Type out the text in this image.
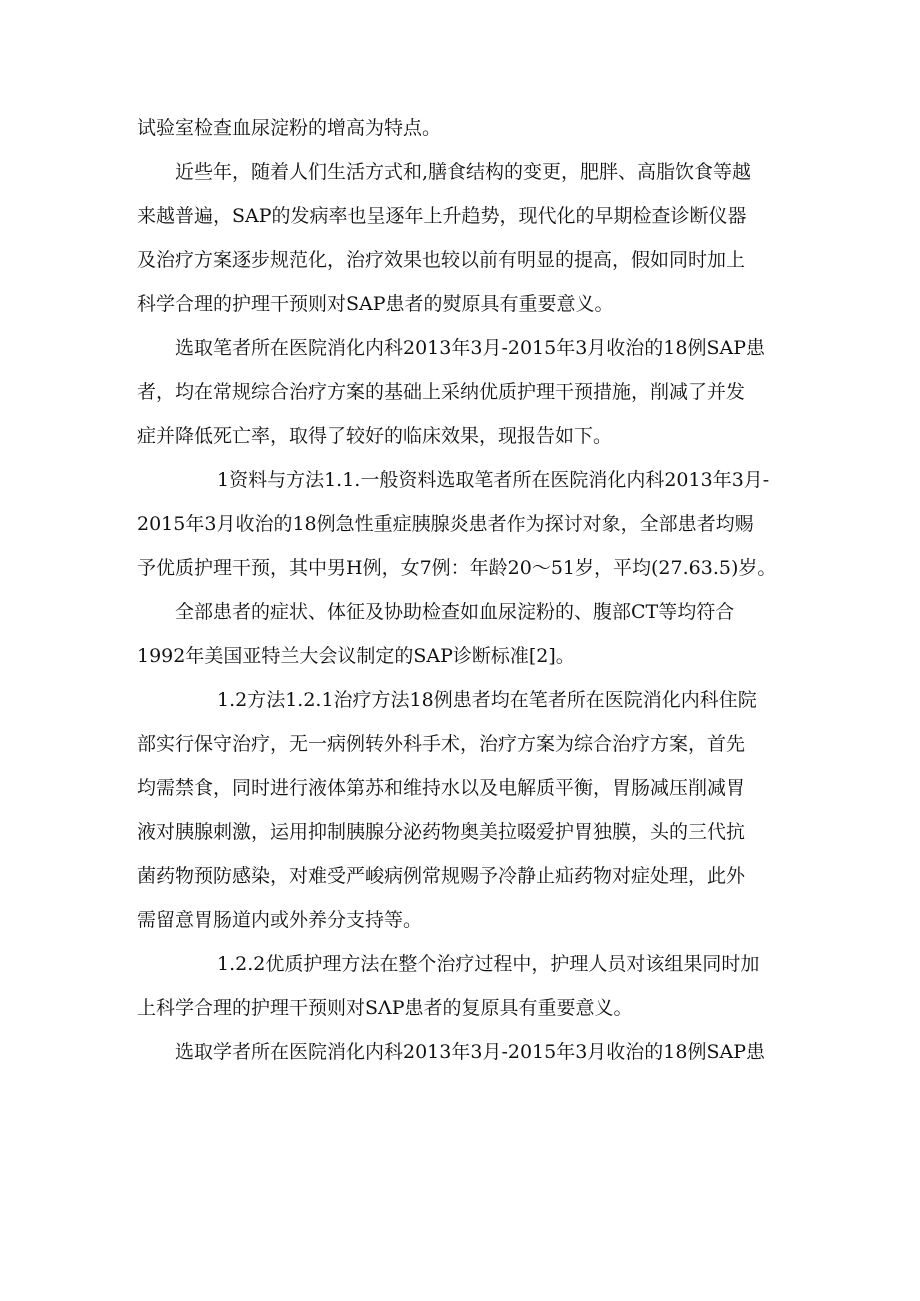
试验室检查血尿淀粉的增高为特点。
近些年，随着人们生活方式和,膳食结构的变更，肥胖、高脂饮食等越
来越普遍，SAP的发病率也呈逐年上升趋势，现代化的早期检查诊断仪器
及治疗方案逐步规范化，治疗效果也较以前有明显的提高，假如同时加上
科学合理的护理干预则对SAP患者的熨原具有重要意义。
选取笔者所在医院消化内科2013年3月-2015年3月收治的18例SAP患
者，均在常规综合治疗方案的基础上采纳优质护理干预措施，削减了并发
症并降低死亡率，取得了较好的临床效果，现报告如下。
1资料与方法1.1.一般资料选取笔者所在医院消化内科2013年3月-
2015年3月收治的18例急性重症胰腺炎患者作为探讨对象，全部患者均赐
予优质护理干预，其中男H例，女7例：年龄20～51岁，平均(27.63.5)岁。
全部患者的症状、体征及协助检查如血尿淀粉的、腹部CT等均符合
1992年美国亚特兰大会议制定的SAP诊断标准[2]。
1.2方法1.2.1治疗方法18例患者均在笔者所在医院消化内科住院
部实行保守治疗，无一病例转外科手术，治疗方案为综合治疗方案，首先
均需禁食，同时进行液体第苏和维持水以及电解质平衡，胃肠减压削减胃
液对胰腺刺激，运用抑制胰腺分泌药物奥美拉啜爱护胃独膜，头的三代抗
菌药物预防感染，对难受严峻病例常规赐予冷静止疝药物对症处理，此外
需留意胃肠道内或外养分支持等。
1.2.2优质护理方法在整个治疗过程中，护理人员对该组果同时加
上科学合理的护理干预则对SΛP患者的复原具有重要意义。
选取学者所在医院消化内科2013年3月-2015年3月收治的18例SAP患
